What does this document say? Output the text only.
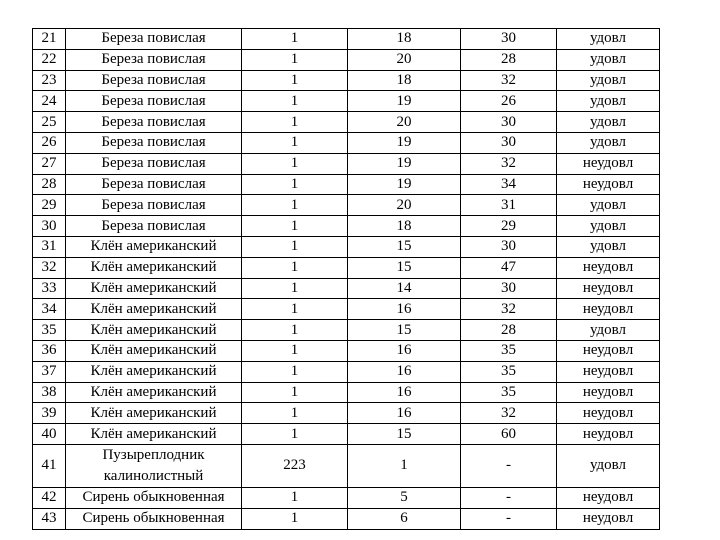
21	Береза повислая	1	18	30	удовл
22	Береза повислая	1	20	28	удовл
23	Береза повислая	1	18	32	удовл
24	Береза повислая	1	19	26	удовл
25	Береза повислая	1	20	30	удовл
26	Береза повислая	1	19	30	удовл
27	Береза повислая	1	19	32	неудовл
28	Береза повислая	1	19	34	неудовл
29	Береза повислая	1	20	31	удовл
30	Береза повислая	1	18	29	удовл
31	Клён американский	1	15	30	удовл
32	Клён американский	1	15	47	неудовл
33	Клён американский	1	14	30	неудовл
34	Клён американский	1	16	32	неудовл
35	Клён американский	1	15	28	удовл
36	Клён американский	1	16	35	неудовл
37	Клён американский	1	16	35	неудовл
38	Клён американский	1	16	35	неудовл
39	Клён американский	1	16	32	неудовл
40	Клён американский	1	15	60	неудовл
41	Пузыреплодник калинолистный	223	1	-	удовл
42	Сирень обыкновенная	1	5	-	неудовл
43	Сирень обыкновенная	1	6	-	неудовл
